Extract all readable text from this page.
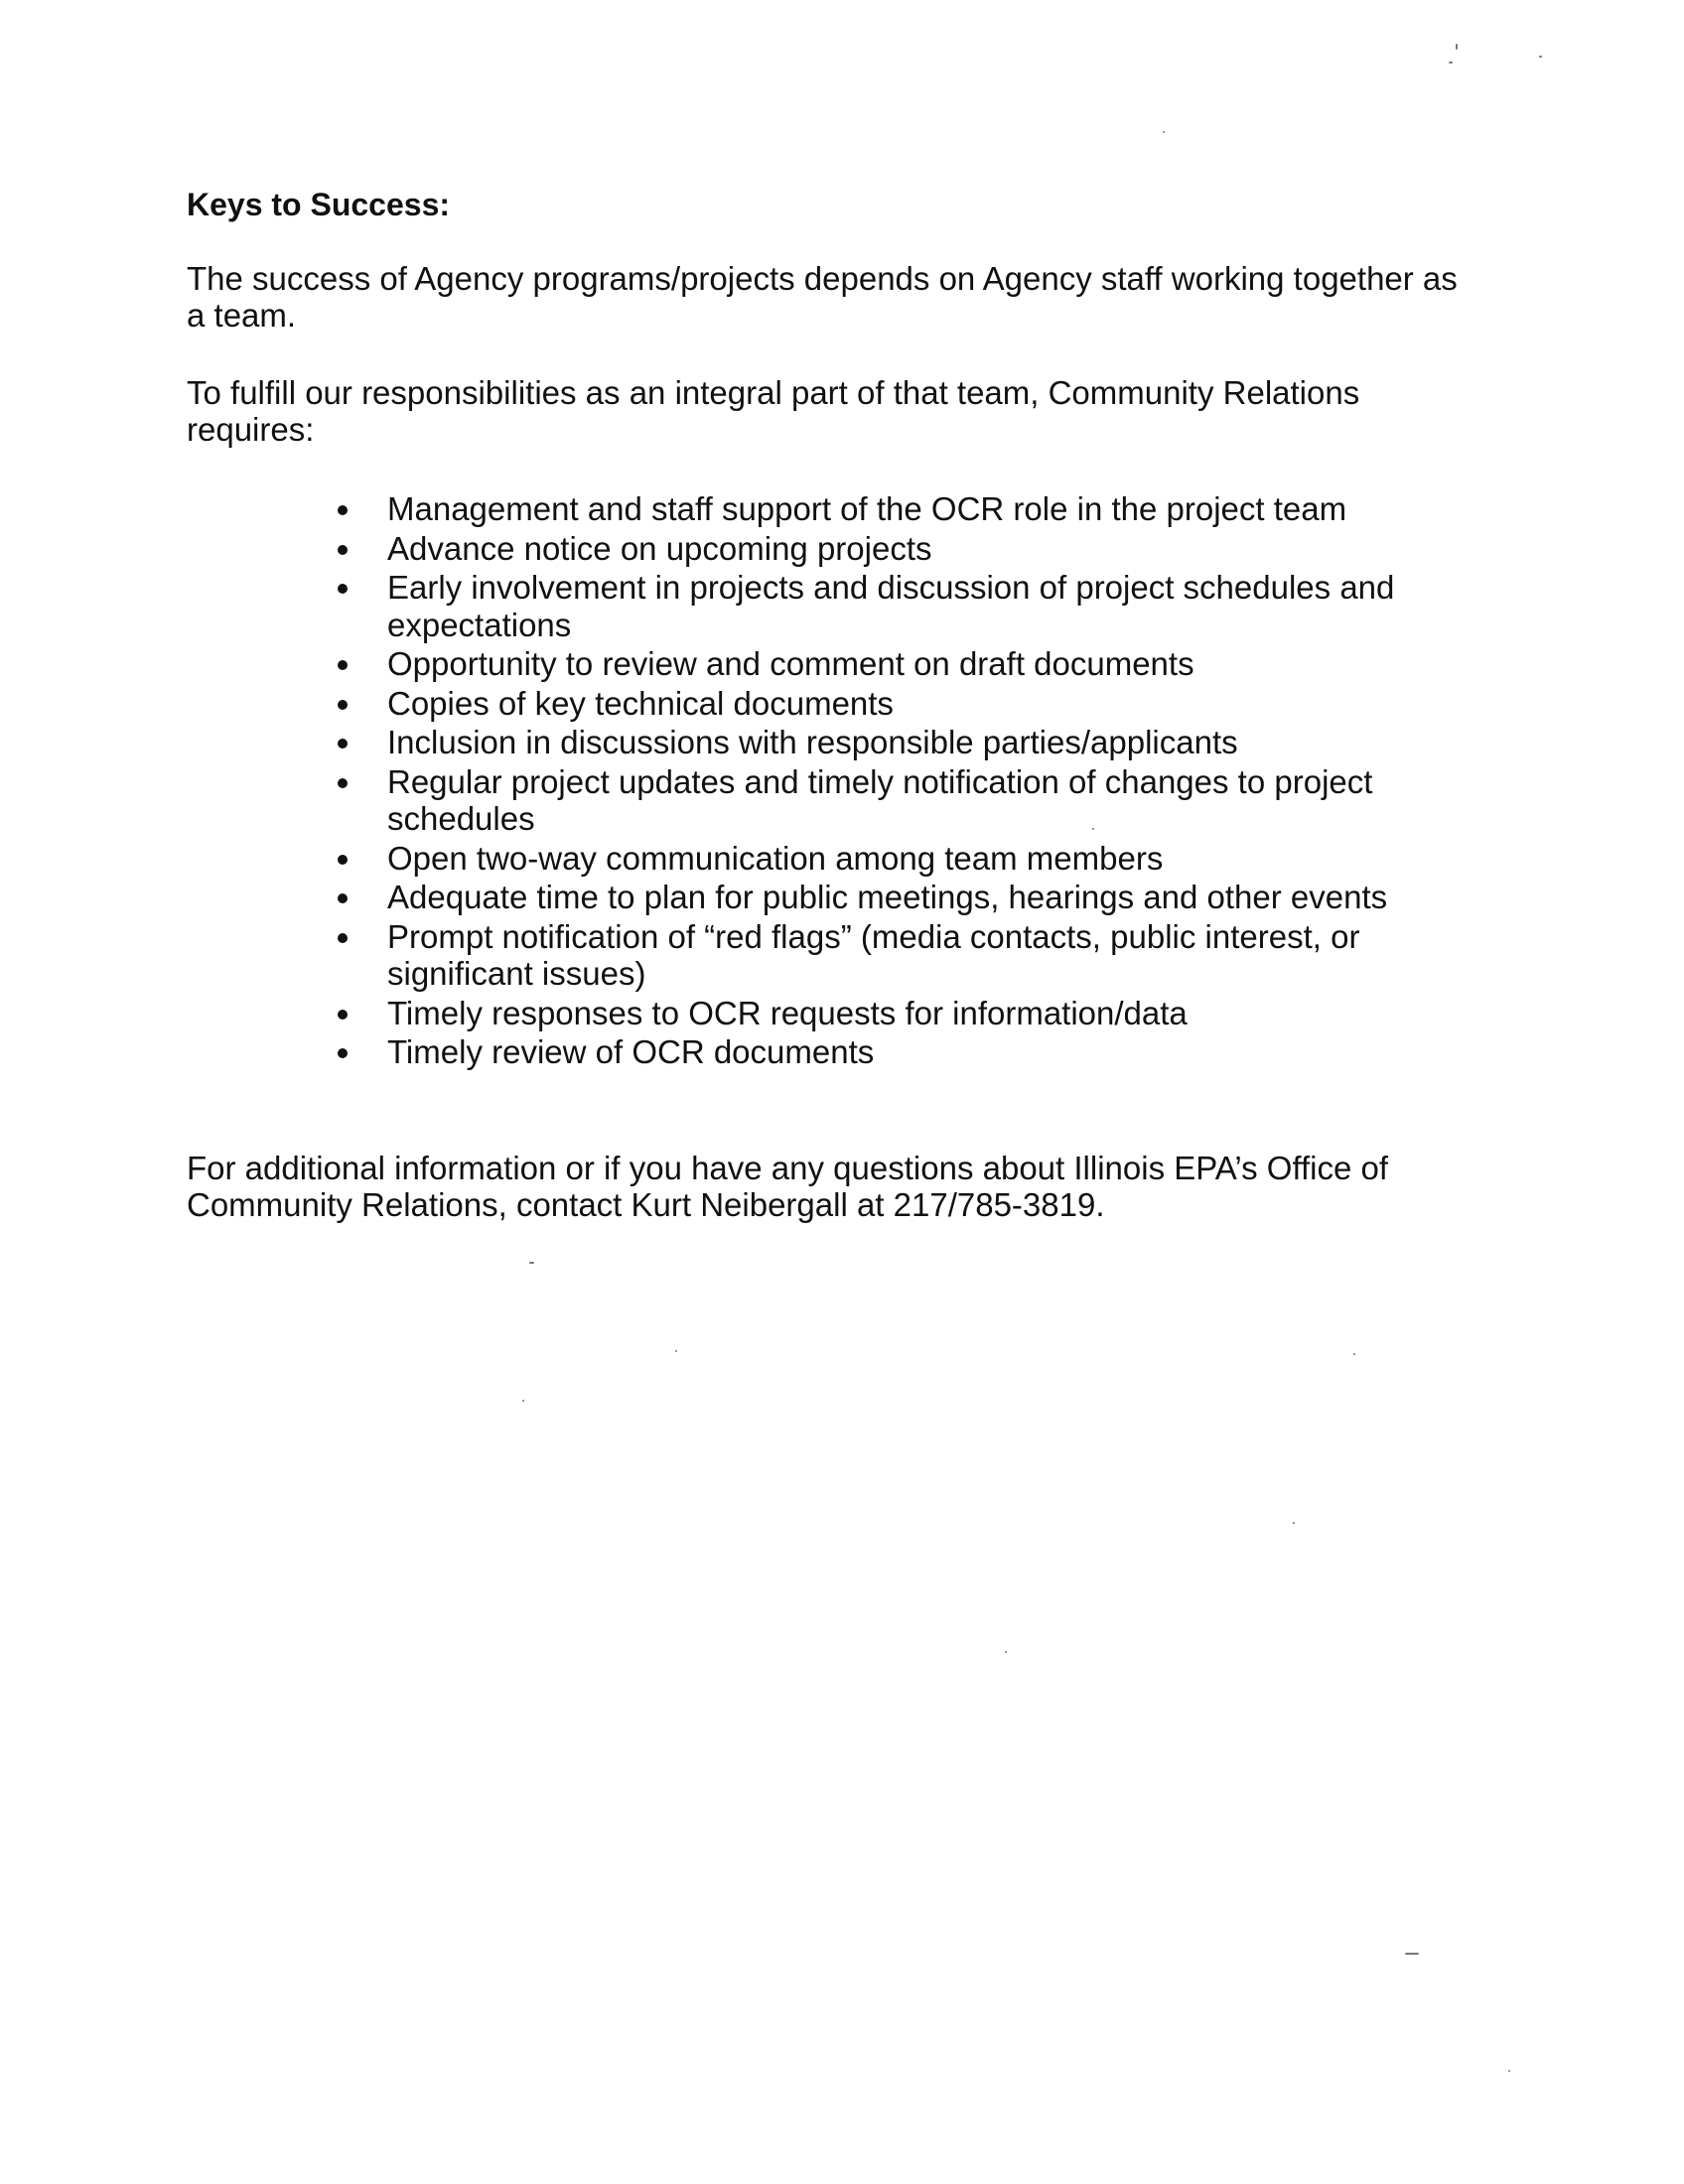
Keys to Success:

The success of Agency programs/projects depends on Agency staff working together as a team.

To fulfill our responsibilities as an integral part of that team, Community Relations requires:

Management and staff support of the OCR role in the project team
Advance notice on upcoming projects
Early involvement in projects and discussion of project schedules and expectations
Opportunity to review and comment on draft documents
Copies of key technical documents
Inclusion in discussions with responsible parties/applicants
Regular project updates and timely notification of changes to project schedules
Open two-way communication among team members
Adequate time to plan for public meetings, hearings and other events
Prompt notification of “red flags” (media contacts, public interest, or significant issues)
Timely responses to OCR requests for information/data
Timely review of OCR documents

For additional information or if you have any questions about Illinois EPA’s Office of Community Relations, contact Kurt Neibergall at 217/785-3819.
